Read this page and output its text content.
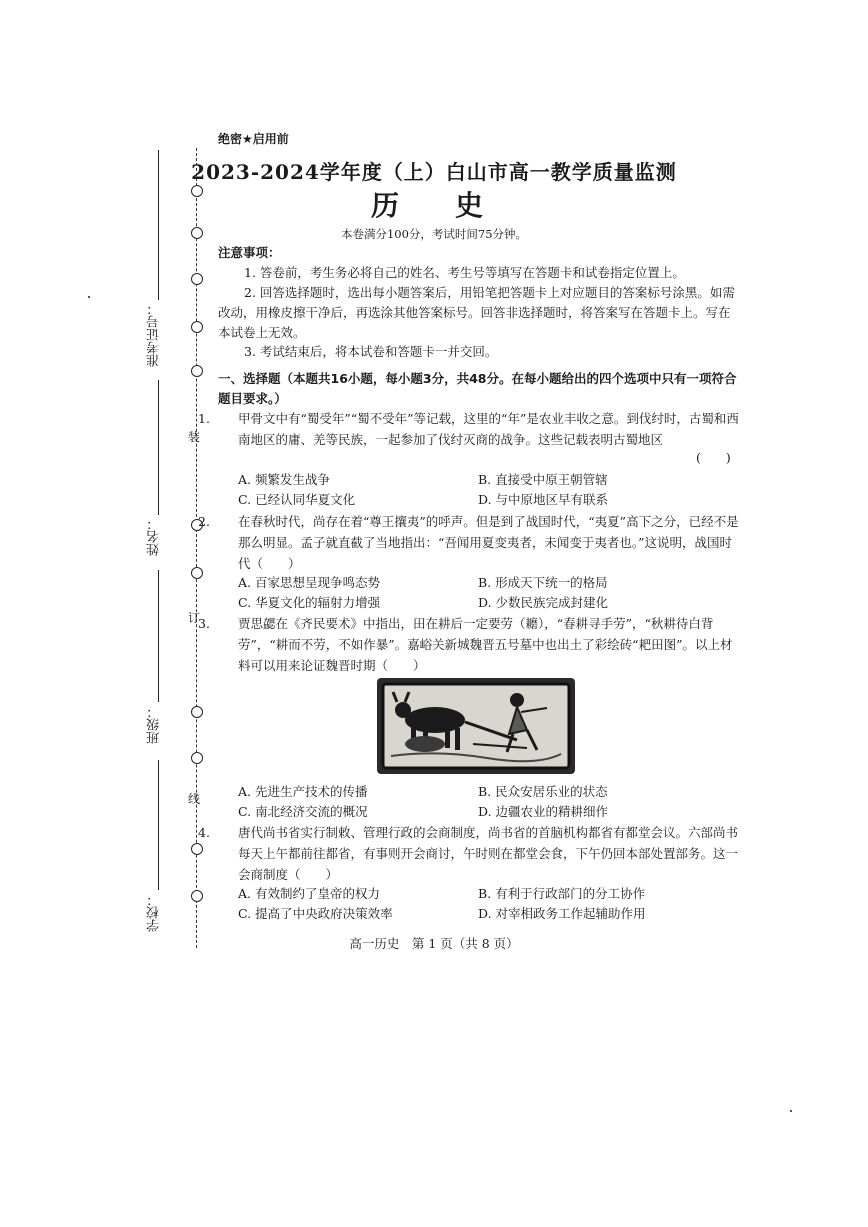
装
订
线
准考证号：
姓名：
班级：
学校：
绝密★启用前
2023-2024学年度（上）白山市高一教学质量监测
历　史
本卷满分100分，考试时间75分钟。
注意事项：
1. 答卷前，考生务必将自己的姓名、考生号等填写在答题卡和试卷指定位置上。
2. 回答选择题时，选出每小题答案后，用铅笔把答题卡上对应题目的答案标号涂黑。如需改动，用橡皮擦干净后，再选涂其他答案标号。回答非选择题时，将答案写在答题卡上。写在本试卷上无效。
3. 考试结束后，将本试卷和答题卡一并交回。
一、选择题（本题共16小题，每小题3分，共48分。在每小题给出的四个选项中只有一项符合题目要求。）
1. 甲骨文中有“蜀受年”“蜀不受年”等记载，这里的“年”是农业丰收之意。到伐纣时，古蜀和西南地区的庸、羌等民族，一起参加了伐纣灭商的战争。这些记载表明古蜀地区
(　　)
A. 频繁发生战争	B. 直接受中原王朝管辖
C. 已经认同华夏文化	D. 与中原地区早有联系
2. 在春秋时代，尚存在着“尊王攘夷”的呼声。但是到了战国时代，“夷夏”高下之分，已经不是那么明显。孟子就直截了当地指出：“吾闻用夏变夷者，未闻变于夷者也。”这说明，战国时代（　　）
A. 百家思想呈现争鸣态势	B. 形成天下统一的格局
C. 华夏文化的辐射力增强	D. 少数民族完成封建化
3. 贾思勰在《齐民要术》中指出，田在耕后一定要劳（耱），“春耕寻手劳”，“秋耕待白背劳”，“耕而不劳，不如作暴”。嘉峪关新城魏晋五号墓中也出土了彩绘砖“耙田图”。以上材料可以用来论证魏晋时期（　　）
A. 先进生产技术的传播	B. 民众安居乐业的状态
C. 南北经济交流的概况	D. 边疆农业的精耕细作
4. 唐代尚书省实行制敕、管理行政的会商制度，尚书省的首脑机构都省有都堂会议。六部尚书每天上午都前往都省，有事则开会商讨，午时则在都堂会食，下午仍回本部处置部务。这一会商制度（　　）
A. 有效制约了皇帝的权力	B. 有利于行政部门的分工协作
C. 提高了中央政府决策效率	D. 对宰相政务工作起辅助作用
高一历史　第 1 页（共 8 页）
